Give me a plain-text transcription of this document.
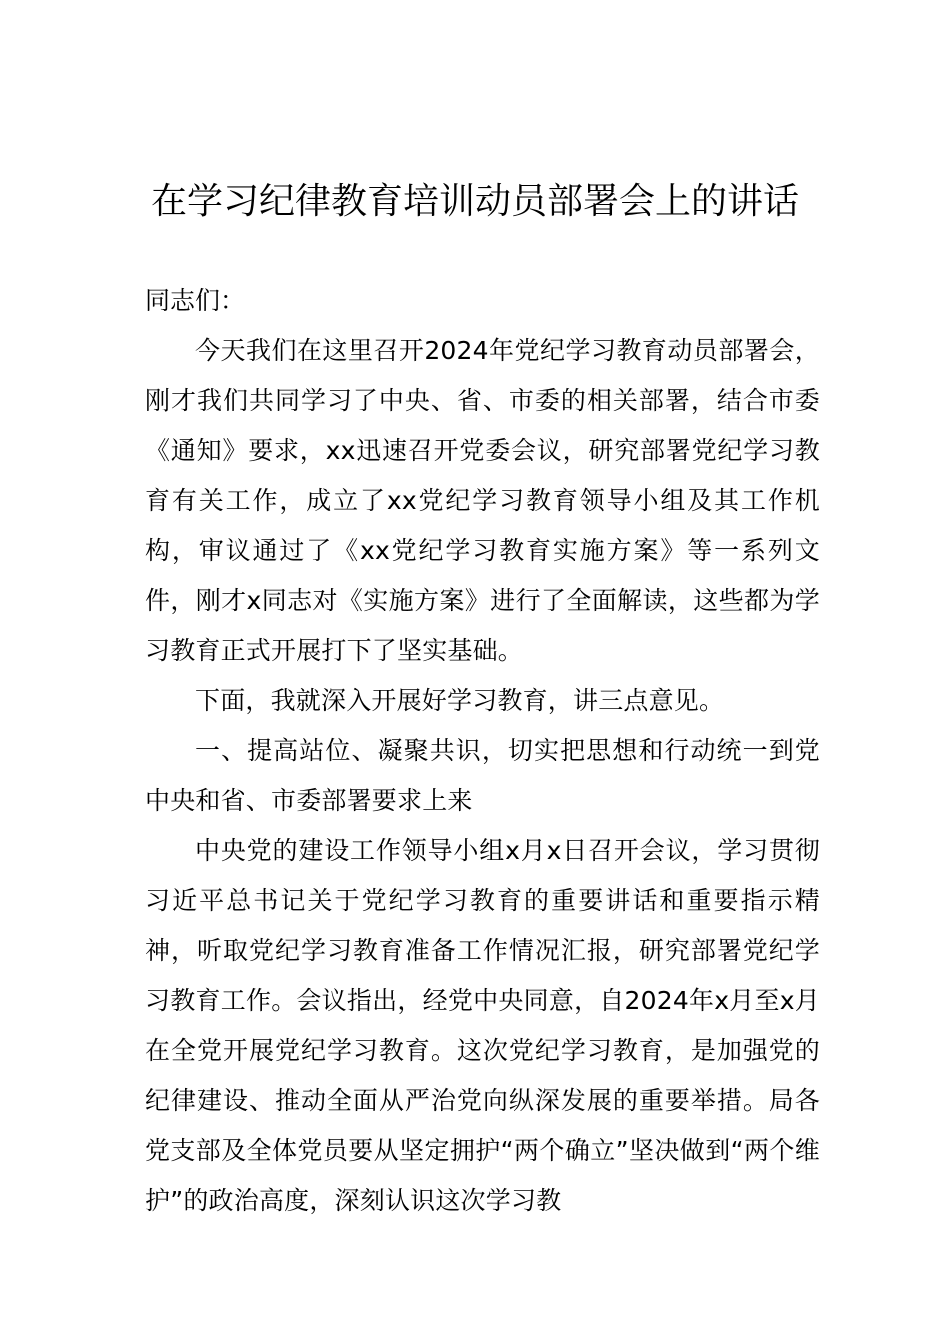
在学习纪律教育培训动员部署会上的讲话

同志们：

今天我们在这里召开2024年党纪学习教育动员部署会，刚才我们共同学习了中央、省、市委的相关部署，结合市委《通知》要求，xx迅速召开党委会议，研究部署党纪学习教育有关工作，成立了xx党纪学习教育领导小组及其工作机构，审议通过了《xx党纪学习教育实施方案》等一系列文件，刚才x同志对《实施方案》进行了全面解读，这些都为学习教育正式开展打下了坚实基础。

下面，我就深入开展好学习教育，讲三点意见。

一、提高站位、凝聚共识，切实把思想和行动统一到党中央和省、市委部署要求上来

中央党的建设工作领导小组x月x日召开会议，学习贯彻习近平总书记关于党纪学习教育的重要讲话和重要指示精神，听取党纪学习教育准备工作情况汇报，研究部署党纪学习教育工作。会议指出，经党中央同意，自2024年x月至x月在全党开展党纪学习教育。这次党纪学习教育，是加强党的纪律建设、推动全面从严治党向纵深发展的重要举措。局各党支部及全体党员要从坚定拥护“两个确立”坚决做到“两个维护”的政治高度，深刻认识这次学习教
